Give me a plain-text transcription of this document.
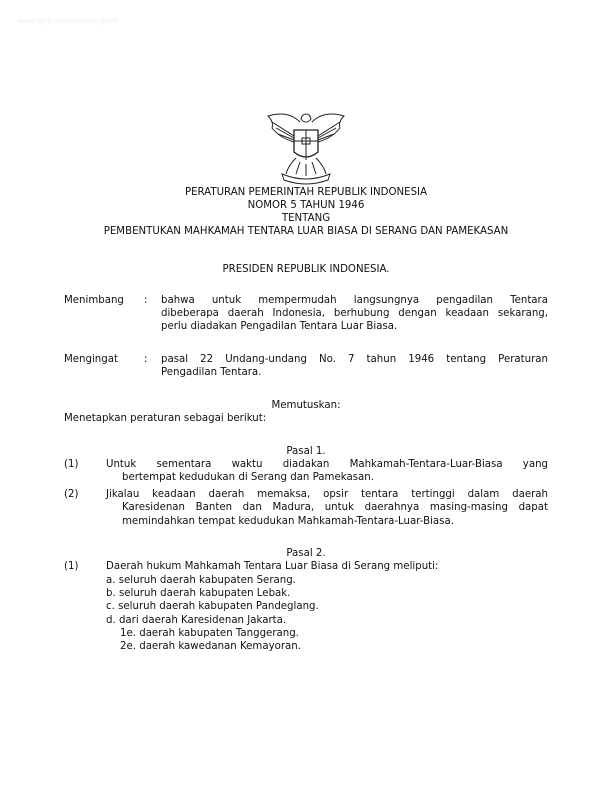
www.djpp.depkumham.go.id
PERATURAN PEMERINTAH REPUBLIK INDONESIA
NOMOR 5 TAHUN 1946
TENTANG
PEMBENTUKAN MAHKAMAH TENTARA LUAR BIASA DI SERANG DAN PAMEKASAN
PRESIDEN REPUBLIK INDONESIA.
Menimbang : bahwa untuk mempermudah langsungnya pengadilan Tentara
dibeberapa daerah Indonesia, berhubung dengan keadaan sekarang,
perlu diadakan Pengadilan Tentara Luar Biasa.
Mengingat	: pasal 22 Undang-undang No. 7 tahun 1946 tentang Peraturan
Pengadilan Tentara.
Memutuskan:
Menetapkan peraturan sebagai berikut:
Pasal 1.
(1)	Untuk sementara waktu diadakan Mahkamah-Tentara-Luar-Biasa yang
bertempat kedudukan di Serang dan Pamekasan.
(2)	Jikalau keadaan daerah memaksa, opsir tentara tertinggi dalam daerah
Karesidenan Banten dan Madura, untuk daerahnya masing-masing dapat
memindahkan tempat kedudukan Mahkamah-Tentara-Luar-Biasa.
Pasal 2.
(1)	Daerah hukum Mahkamah Tentara Luar Biasa di Serang meliputi:
a. seluruh daerah kabupaten Serang.
b. seluruh daerah kabupaten Lebak.
c. seluruh daerah kabupaten Pandeglang.
d. dari daerah Karesidenan Jakarta.
1e. daerah kabupaten Tanggerang.
2e. daerah kawedanan Kemayoran.
